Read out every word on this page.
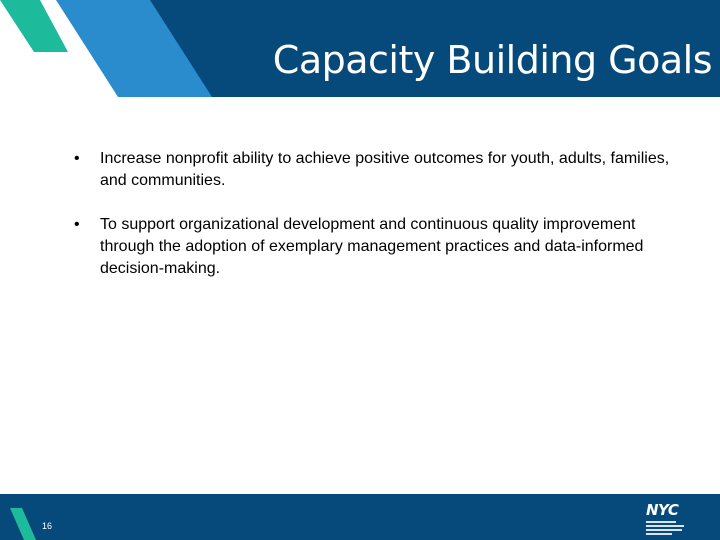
Capacity Building Goals
• Increase nonprofit ability to achieve positive outcomes for youth, adults, families, and communities.
• To support organizational development and continuous quality improvement through the adoption of exemplary management practices and data-informed decision-making.
16
NYC
